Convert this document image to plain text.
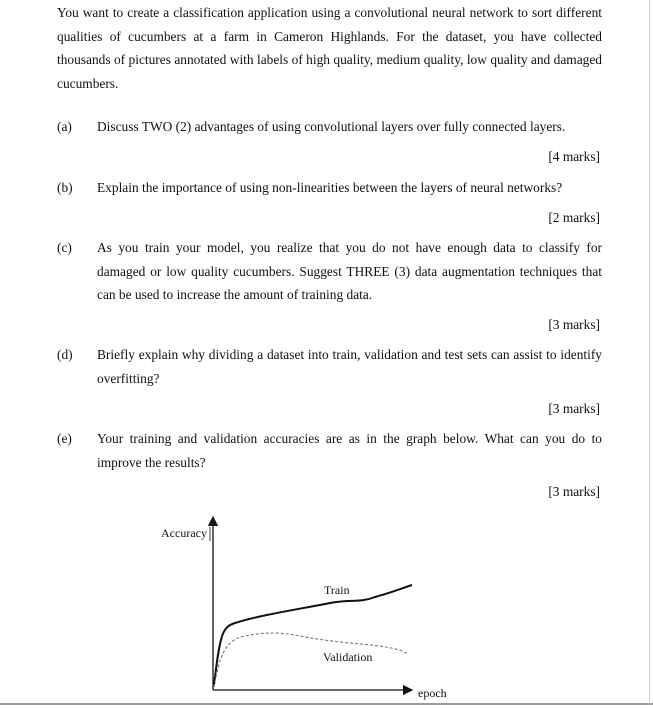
You want to create a classification application using a convolutional neural network to sort different qualities of cucumbers at a farm in Cameron Highlands. For the dataset, you have collected thousands of pictures annotated with labels of high quality, medium quality, low quality and damaged cucumbers.
(a) Discuss TWO (2) advantages of using convolutional layers over fully connected layers.
[4 marks]
(b) Explain the importance of using non-linearities between the layers of neural networks?
[2 marks]
(c) As you train your model, you realize that you do not have enough data to classify for damaged or low quality cucumbers. Suggest THREE (3) data augmentation techniques that can be used to increase the amount of training data.
[3 marks]
(d) Briefly explain why dividing a dataset into train, validation and test sets can assist to identify overfitting?
[3 marks]
(e) Your training and validation accuracies are as in the graph below. What can you do to improve the results?
[3 marks]
Accuracy
Train
Validation
epoch
